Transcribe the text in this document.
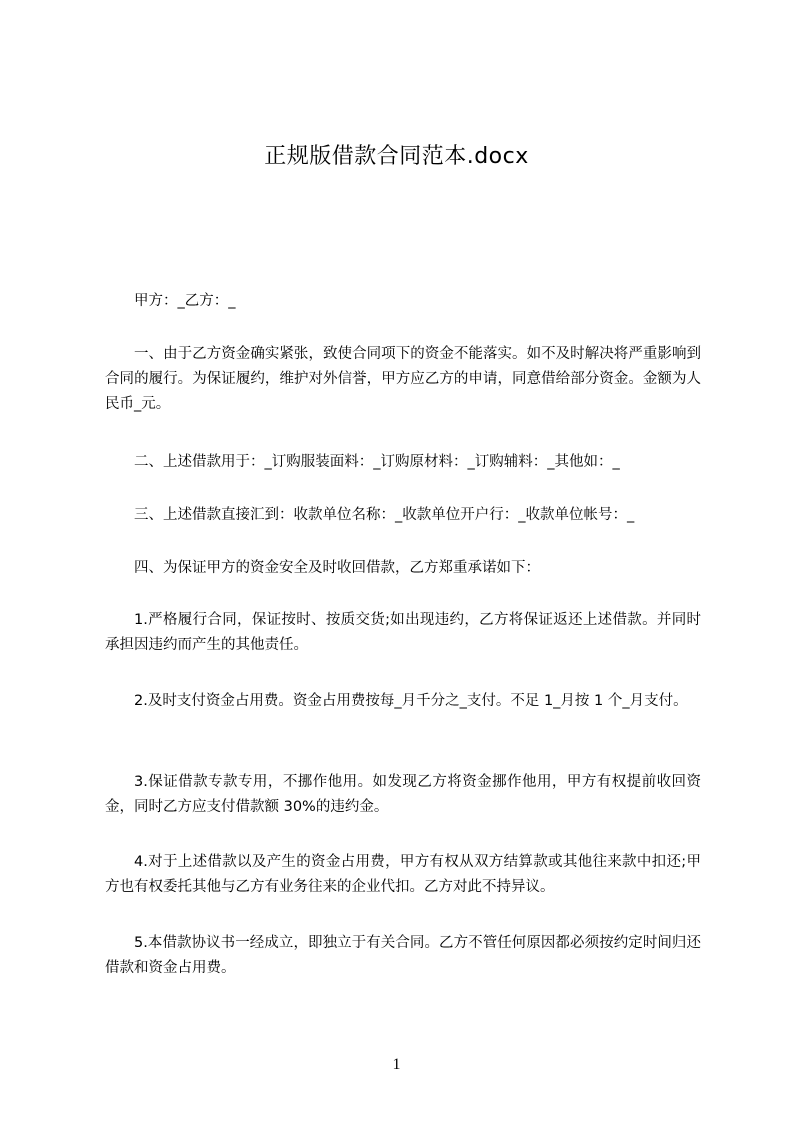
正规版借款合同范本.docx

甲方：_乙方：_

一、由于乙方资金确实紧张，致使合同项下的资金不能落实。如不及时解决将严重影响到合同的履行。为保证履约，维护对外信誉，甲方应乙方的申请，同意借给部分资金。金额为人民币_元。

二、上述借款用于：_订购服装面料：_订购原材料：_订购辅料：_其他如：_

三、上述借款直接汇到：收款单位名称：_收款单位开户行：_收款单位帐号：_

四、为保证甲方的资金安全及时收回借款，乙方郑重承诺如下：

1.严格履行合同，保证按时、按质交货;如出现违约，乙方将保证返还上述借款。并同时承担因违约而产生的其他责任。

2.及时支付资金占用费。资金占用费按每_月千分之_支付。不足 1_月按 1 个_月支付。

3.保证借款专款专用，不挪作他用。如发现乙方将资金挪作他用，甲方有权提前收回资金，同时乙方应支付借款额 30%的违约金。

4.对于上述借款以及产生的资金占用费，甲方有权从双方结算款或其他往来款中扣还;甲方也有权委托其他与乙方有业务往来的企业代扣。乙方对此不持异议。

5.本借款协议书一经成立，即独立于有关合同。乙方不管任何原因都必须按约定时间归还借款和资金占用费。

1
